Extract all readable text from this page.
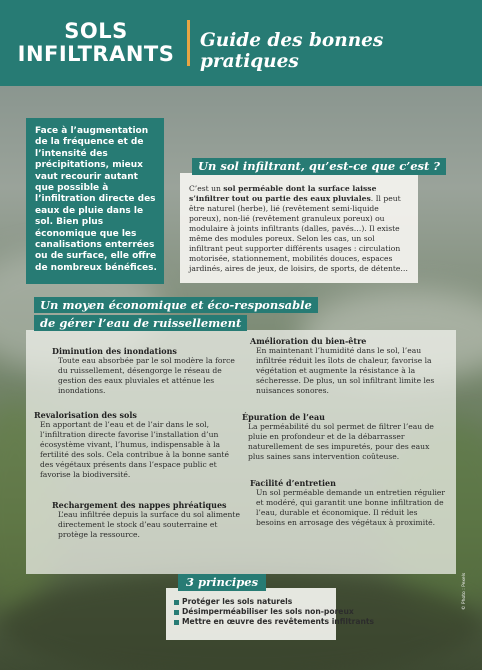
SOLS
INFILTRANTS
Guide des bonnes pratiques
Face à l’augmentation de la fréquence et de l’intensité des précipitations, mieux vaut recourir autant que possible à l’infiltration directe des eaux de pluie dans le sol. Bien plus économique que les canalisations enterrées ou de surface, elle offre de nombreux bénéfices.
C’est un sol perméable dont la surface laisse s’infiltrer tout ou partie des eaux pluviales. Il peut être naturel (herbe), lié (revêtement semi-liquide poreux), non-lié (revêtement granuleux poreux) ou modulaire à joints infiltrants (dalles, pavés…). Il existe même des modules poreux. Selon les cas, un sol infiltrant peut supporter différents usages : circulation motorisée, stationnement, mobilités douces, espaces jardinés, aires de jeux, de loisirs, de sports, de détente…
Un sol infiltrant, qu’est-ce que c’est ?
Diminution des inondations

Toute eau absorbée par le sol modère la force du ruissellement, désengorge le réseau de gestion des eaux pluviales et atténue les inondations.

Revalorisation des sols

En apportant de l’eau et de l’air dans le sol, l’infiltration directe favorise l’installation d’un écosystème vivant, l’humus, indispensable à la fertilité des sols. Cela contribue à la bonne santé des végétaux présents dans l’espace public et favorise la biodiversité.

Rechargement des nappes phréatiques

L’eau infiltrée depuis la surface du sol alimente directement le stock d’eau souterraine et protège la ressource.

Amélioration du bien-être

En maintenant l’humidité dans le sol, l’eau infiltrée réduit les îlots de chaleur, favorise la végétation et augmente la résistance à la sécheresse. De plus, un sol infiltrant limite les nuisances sonores.

Épuration de l’eau

La perméabilité du sol permet de filtrer l’eau de pluie en profondeur et de la débarrasser naturellement de ses impuretés, pour des eaux plus saines sans intervention coûteuse.

Facilité d’entretien

Un sol perméable demande un entretien régulier et modéré, qui garantit une bonne infiltration de l’eau, durable et économique. Il réduit les besoins en arrosage des végétaux à proximité.

Un moyen économique et éco-responsable
de gérer l’eau de ruissellement
Protéger les sols naturels
Désimperméabiliser les sols non-poreux
Mettre en œuvre des revêtements infiltrants
3 principes	© Photo : Pexels
